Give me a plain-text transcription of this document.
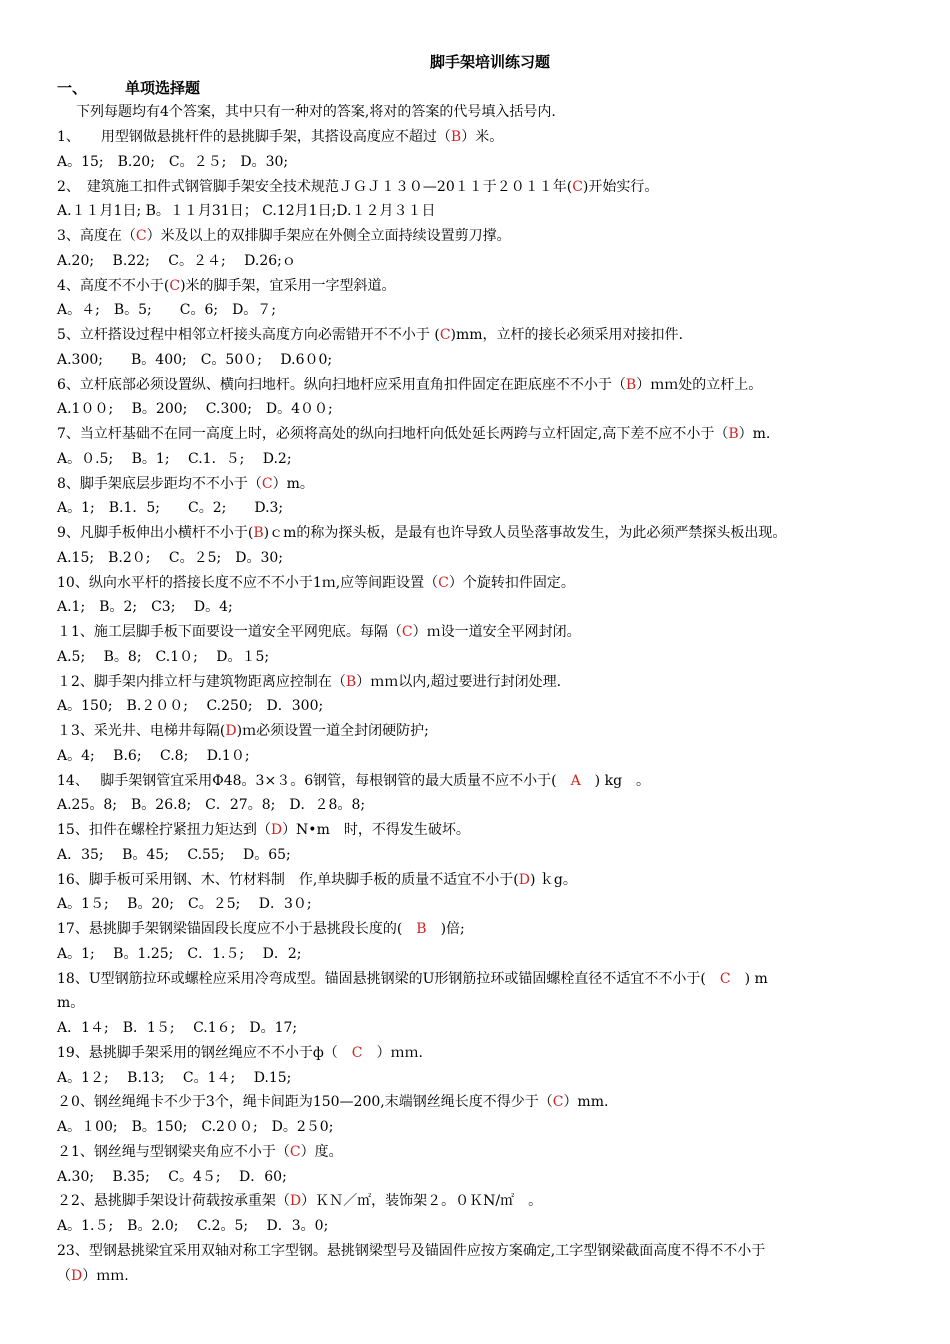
脚手架培训练习题
一、	单项选择题
下列每题均有4个答案，其中只有一种对的答案,将对的答案的代号填入括号内.
1、　　用型钢做悬挑杆件的悬挑脚手架，其搭设高度应不超过（B）米。
A。15;　B.20;　C。２５;　D。30;
2、　建筑施工扣件式钢管脚手架安全技术规范ＪＧＪ１３０—20１１于２０１１年(C)开始实行。
A.１１月1日; B。１１月31日； C.12月1日;D.１２月３１日
3、高度在（C）米及以上的双排脚手架应在外侧全立面持续设置剪刀撑。
A.20;　 B.22;　 C。２４;　 D.26;ｏ
4、高度不不小于(C)米的脚手架，宜采用一字型斜道。
A。４;　B。5;　　C。6;　D。７;
5、立杆搭设过程中相邻立杆接头高度方向必需错开不不小于 (C)mm，立杆的接长必须采用对接扣件.
A.300;　　B。400;　C。50０;　 D.6０0;
6、立杆底部必须设置纵、横向扫地杆。纵向扫地杆应采用直角扣件固定在距底座不不小于（B）ｍｍ处的立杆上。
A.1００;　 B。200;　 C.300;　D。4００;
7、当立杆基础不在同一高度上时，必须将高处的纵向扫地杆向低处延长两跨与立杆固定,高下差不应不小于（B）m.
A。０.5;　 B。1;　 C.1．５;　 D.2;
8、脚手架底层步距均不不小于（C）m。
A。1;　B.1．5;　　C。2;　　D.3;
9、凡脚手板伸出小横杆不小于(B)ｃm的称为探头板，是最有也许导致人员坠落事故发生，为此必须严禁探头板出现。
A.15;　B.2０;　 C。２5;　D。30;
10、纵向水平杆的搭接长度不应不不小于1ｍ,应等间距设置（C）个旋转扣件固定。
A.1;　B。2;　C3;　 D。4;
１1、施工层脚手板下面要设一道安全平网兜底。每隔（C）ｍ设一道安全平网封闭。
A.5;　 B。8;　C.1０;　 D。１5;
１2、脚手架内排立杆与建筑物距离应控制在（B）ｍｍ以内,超过要进行封闭处理.
A。150;　B.２００;　 C.250;　D．300;
１3、采光井、电梯井每隔(D)ｍ必须设置一道全封闭硬防护;
A。4;　 B.6;　 C.8;　 D.1０;
14、　 脚手架钢管宜采用Φ48。3×３。6钢管，每根钢管的最大质量不应不小于(　A　) kg　。
A.25。8;　B。26.8;　C．27。8;　D．２8。8;
15、扣件在螺栓拧紧扭力矩达到（D）N•m　时，不得发生破坏。
A．35;　 B。45;　 C.55;　 D。65;
16、脚手板可采用钢、木、竹材料制　作,单块脚手板的质量不适宜不小于(D) ｋg。
A。1５;　 B。20;　C。２5;　 D．3０;
17、悬挑脚手架钢梁锚固段长度应不小于悬挑段长度的(　B　)倍;
A。1;　 B。1.25;　C．1.５;　 D．2;
18、U型钢筋拉环或螺栓应采用冷弯成型。锚固悬挑钢梁的U形钢筋拉环或锚固螺栓直径不适宜不不小于(　C　) m
m。
A．1４;　B．1５;　 C.1６;　D。17;
19、悬挑脚手架采用的钢丝绳应不不小于ф（　C　）ｍｍ.
A。1２;　 B.13;　 C。1４;　 D.15;
２0、钢丝绳绳卡不少于3个，绳卡间距为150—200,末端钢丝绳长度不得少于（C）mm.
A。１00;　B。150;　C.2００;　D。2５0;
２1、钢丝绳与型钢梁夹角应不小于（C）度。
A.30;　 B.35;　 C。4５;　 D．60;
２2、悬挑脚手架设计荷载按承重架（D）ＫＮ／㎡，装饰架２。０ＫN/㎡　。
A。1.５;　B。2.0;　 C.2。5;　 D．3。0;
23、型钢悬挑梁宜采用双轴对称工字型钢。悬挑钢梁型号及锚固件应按方案确定,工字型钢梁截面高度不得不不小于
（D）ｍｍ.
